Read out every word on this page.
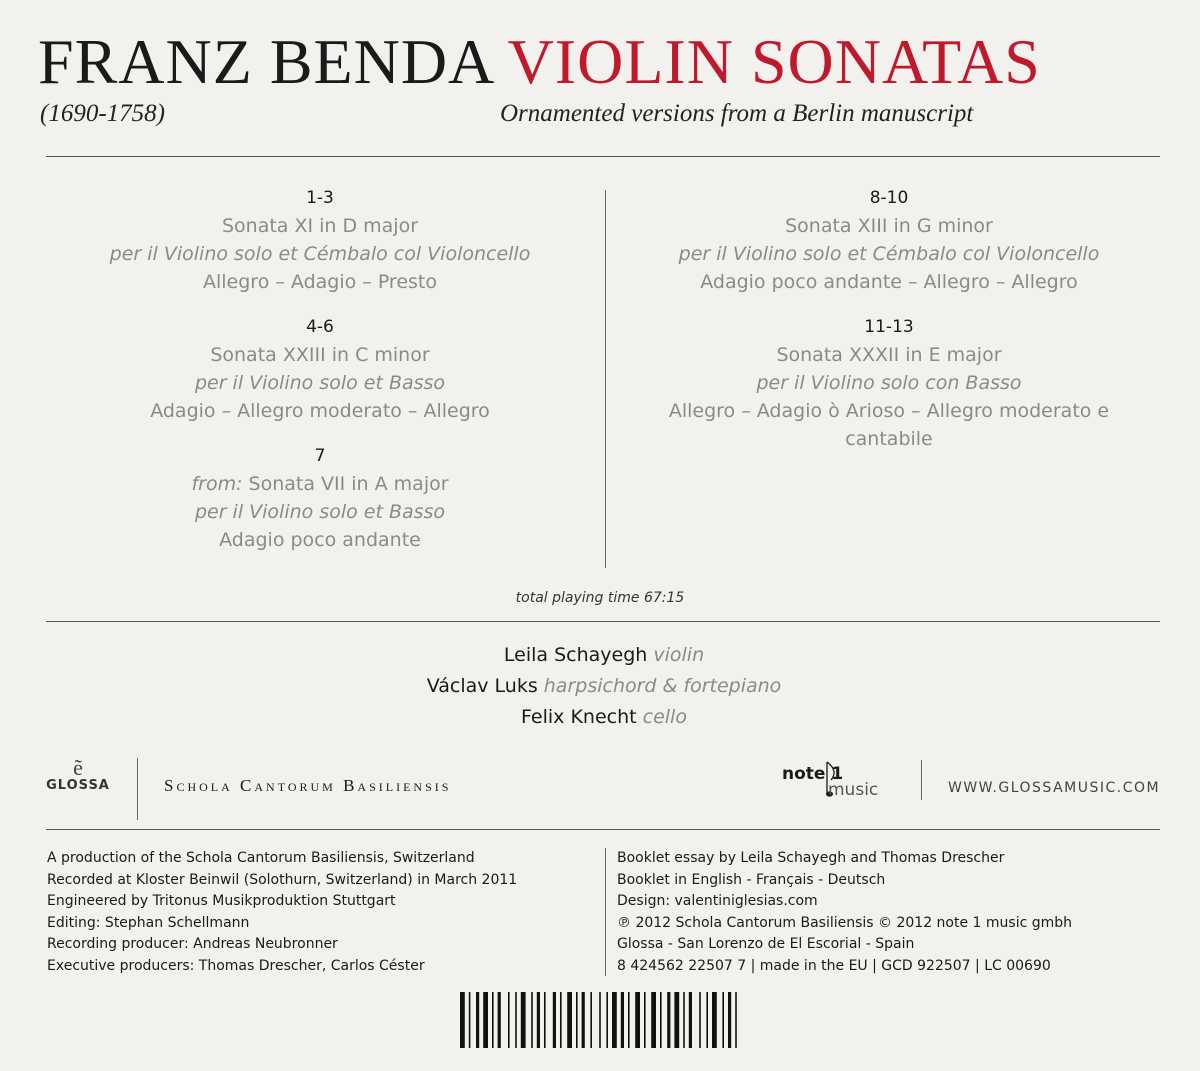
FRANZ BENDA VIOLIN SONATAS
(1690-1758)	Ornamented versions from a Berlin manuscript
1-3
Sonata XI in D major
per il Violino solo et Cémbalo col Violoncello
Allegro – Adagio – Presto
4-6
Sonata XXIII in C minor
per il Violino solo et Basso
Adagio – Allegro moderato – Allegro
7
from: Sonata VII in A major
per il Violino solo et Basso
Adagio poco andante
8-10
Sonata XIII in G minor
per il Violino solo et Cémbalo col Violoncello
Adagio poco andante – Allegro – Allegro
11-13
Sonata XXXII in E major
per il Violino solo con Basso
Allegro – Adagio ò Arioso – Allegro moderato e
cantabile
total playing time 67:15
Leila Schayegh violin
Václav Luks harpsichord & fortepiano
Felix Knecht cello
ẽ
GLOSSA	Schola Cantorum Basiliensis
note 1
music	WWW.GLOSSAMUSIC.COM
A production of the Schola Cantorum Basiliensis, Switzerland
Recorded at Kloster Beinwil (Solothurn, Switzerland) in March 2011
Engineered by Tritonus Musikproduktion Stuttgart
Editing: Stephan Schellmann
Recording producer: Andreas Neubronner
Executive producers: Thomas Drescher, Carlos Céster
Booklet essay by Leila Schayegh and Thomas Drescher
Booklet in English - Français - Deutsch
Design: valentiniglesias.com
℗ 2012 Schola Cantorum Basiliensis © 2012 note 1 music gmbh
Glossa - San Lorenzo de El Escorial - Spain
8 424562 22507 7 | made in the EU | GCD 922507 | LC 00690
